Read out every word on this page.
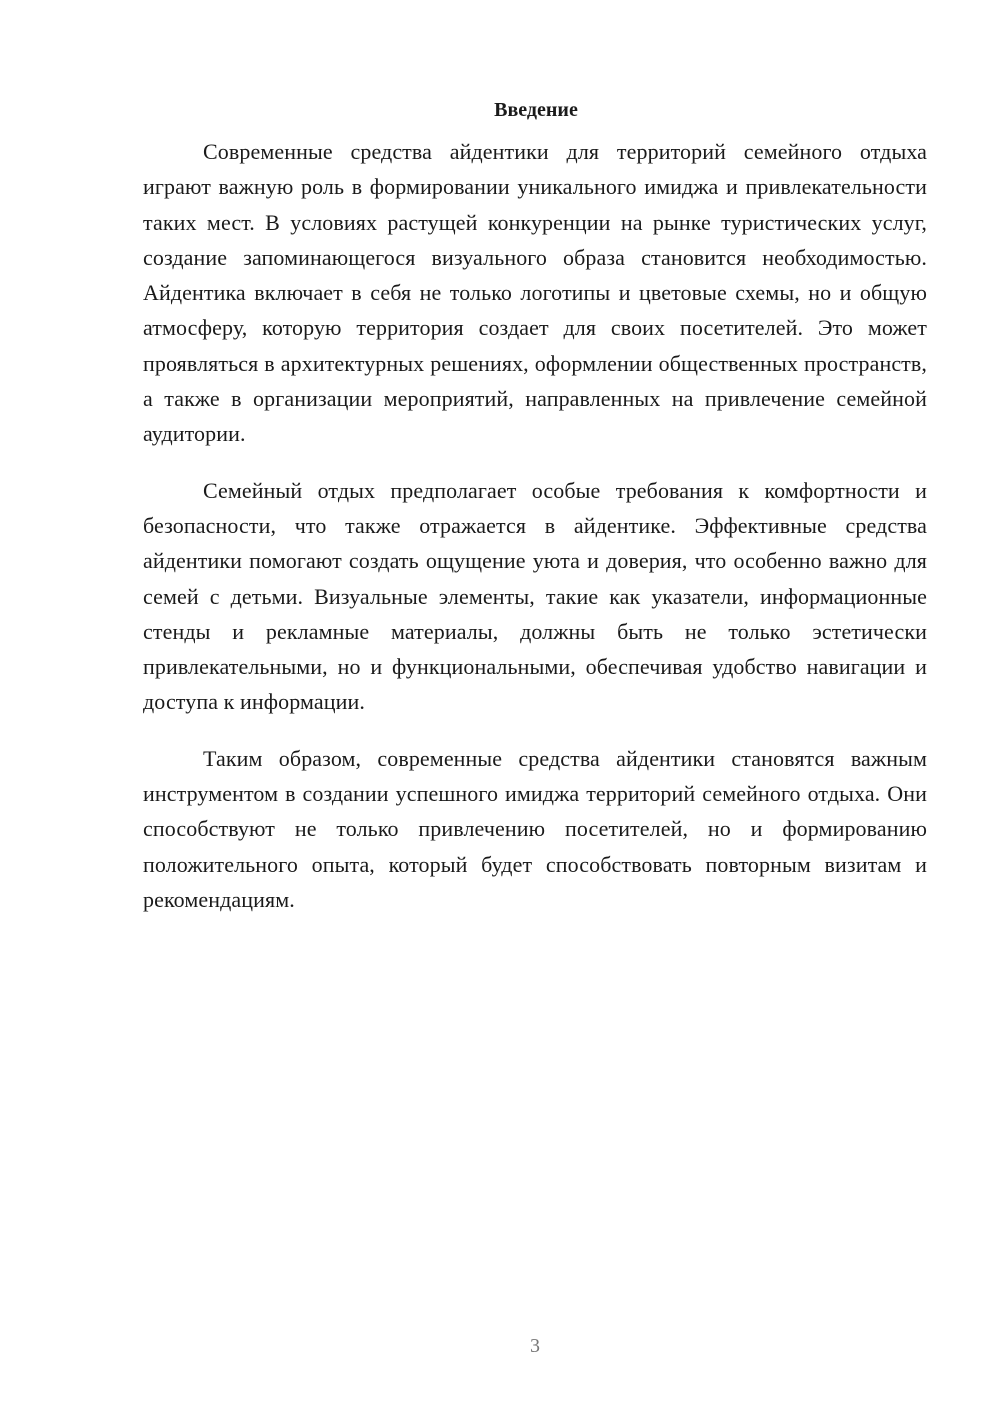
Введение

Современные средства айдентики для территорий семейного отдыха играют важную роль в формировании уникального имиджа и привлекательности таких мест. В условиях растущей конкуренции на рынке туристических услуг, создание запоминающегося визуального образа становится необходимостью. Айдентика включает в себя не только логотипы и цветовые схемы, но и общую атмосферу, которую территория создает для своих посетителей. Это может проявляться в архитектурных решениях, оформлении общественных пространств, а также в организации мероприятий, направленных на привлечение семейной аудитории.

Семейный отдых предполагает особые требования к комфортности и безопасности, что также отражается в айдентике. Эффективные средства айдентики помогают создать ощущение уюта и доверия, что особенно важно для семей с детьми. Визуальные элементы, такие как указатели, информационные стенды и рекламные материалы, должны быть не только эстетически привлекательными, но и функциональными, обеспечивая удобство навигации и доступа к информации.

Таким образом, современные средства айдентики становятся важным инструментом в создании успешного имиджа территорий семейного отдыха. Они способствуют не только привлечению посетителей, но и формированию положительного опыта, который будет способствовать повторным визитам и рекомендациям.

3
